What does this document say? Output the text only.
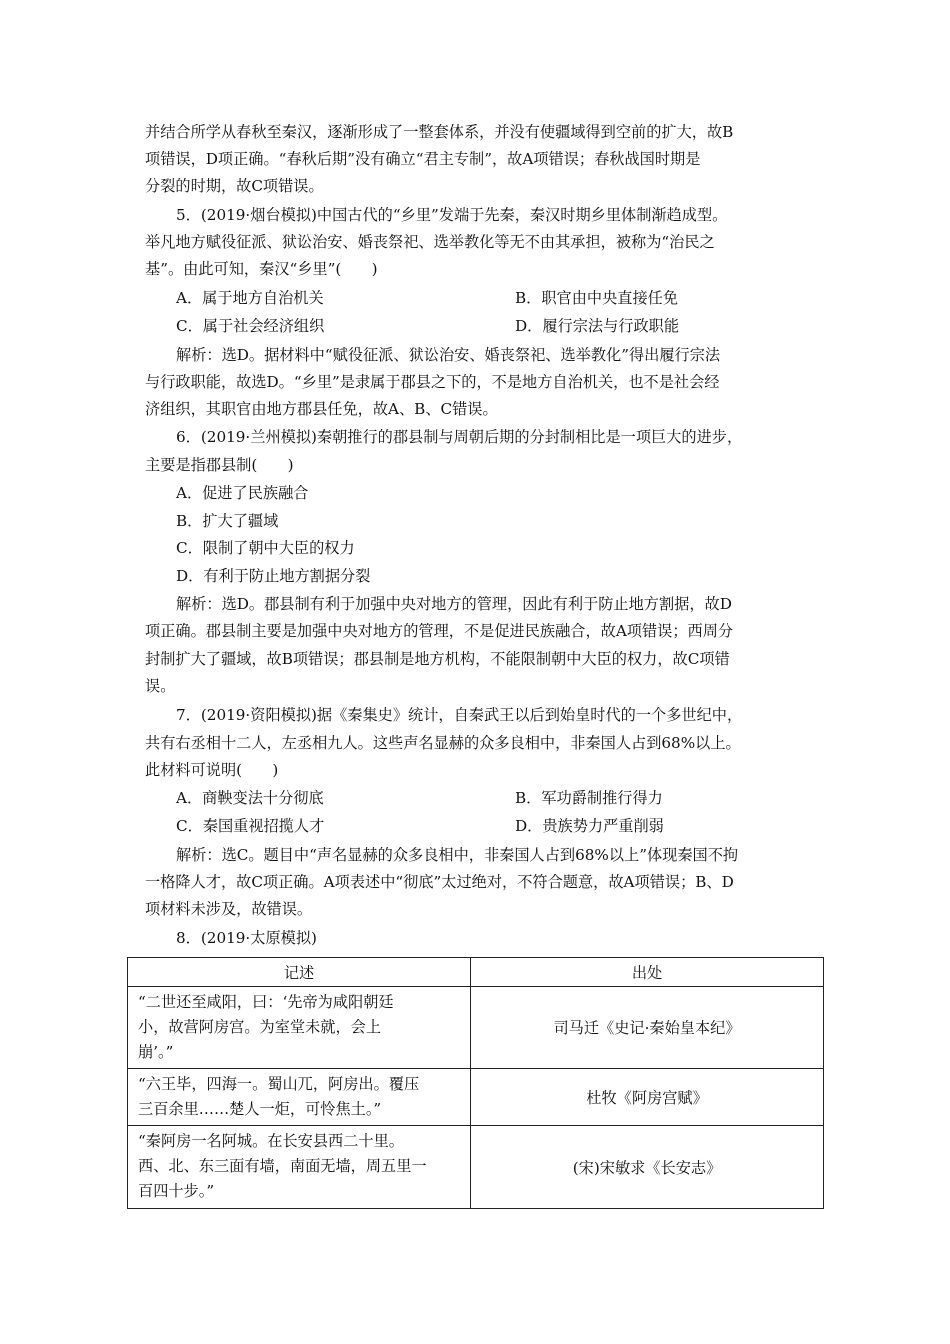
并结合所学从春秋至秦汉，逐渐形成了一整套体系，并没有使疆域得到空前的扩大，故B
项错误，D项正确。“春秋后期”没有确立“君主专制”，故A项错误；春秋战国时期是
分裂的时期，故C项错误。
5．(2019·烟台模拟)中国古代的“乡里”发端于先秦，秦汉时期乡里体制渐趋成型。
举凡地方赋役征派、狱讼治安、婚丧祭祀、选举教化等无不由其承担，被称为“治民之
基”。由此可知，秦汉“乡里”(　　)
A．属于地方自治机关	B．职官由中央直接任免
C．属于社会经济组织	D．履行宗法与行政职能
解析：选D。据材料中“赋役征派、狱讼治安、婚丧祭祀、选举教化”得出履行宗法
与行政职能，故选D。“乡里”是隶属于郡县之下的，不是地方自治机关，也不是社会经
济组织，其职官由地方郡县任免，故A、B、C错误。
6．(2019·兰州模拟)秦朝推行的郡县制与周朝后期的分封制相比是一项巨大的进步，
主要是指郡县制(　　)
A．促进了民族融合
B．扩大了疆域
C．限制了朝中大臣的权力
D．有利于防止地方割据分裂
解析：选D。郡县制有利于加强中央对地方的管理，因此有利于防止地方割据，故D
项正确。郡县制主要是加强中央对地方的管理，不是促进民族融合，故A项错误；西周分
封制扩大了疆域，故B项错误；郡县制是地方机构，不能限制朝中大臣的权力，故C项错
误。
7．(2019·资阳模拟)据《秦集史》统计，自秦武王以后到始皇时代的一个多世纪中，
共有右丞相十二人，左丞相九人。这些声名显赫的众多良相中，非秦国人占到68%以上。
此材料可说明(　　)
A．商鞅变法十分彻底	B．军功爵制推行得力
C．秦国重视招揽人才	D．贵族势力严重削弱
解析：选C。题目中“声名显赫的众多良相中，非秦国人占到68%以上”体现秦国不拘
一格降人才，故C项正确。A项表述中“彻底”太过绝对，不符合题意，故A项错误；B、D
项材料未涉及，故错误。
8．(2019·太原模拟)
记述	出处

“二世还至咸阳，曰：‘先帝为咸阳朝廷
小，故营阿房宫。为室堂未就，会上
崩’。”	司马迁《史记·秦始皇本纪》

“六王毕，四海一。蜀山兀，阿房出。覆压
三百余里……楚人一炬，可怜焦土。”	杜牧《阿房宫赋》

“秦阿房一名阿城。在长安县西二十里。
西、北、东三面有墙，南面无墙，周五里一
百四十步。”	(宋)宋敏求《长安志》
